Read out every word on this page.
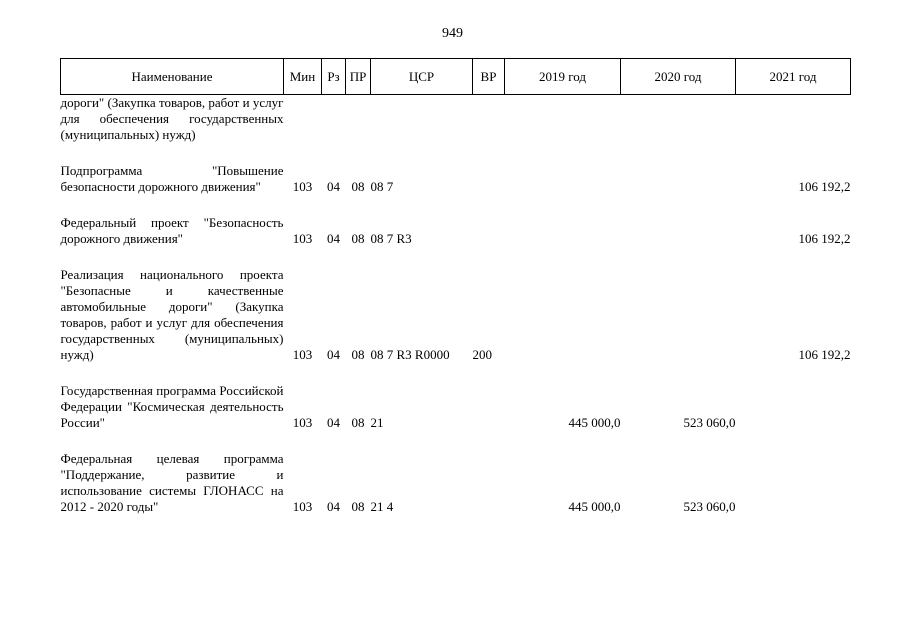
949
Наименование	Мин	Рз	ПР	ЦСР	ВР	2019 год	2020 год	2021 год
дороги" (Закупка товаров, работ и услуг для обеспечения государственных (муниципальных) нужд)								
Подпрограмма "Повышение безопасности дорожного движения"	103	04	08	08 7				106 192,2
Федеральный проект "Безопасность дорожного движения"	103	04	08	08 7 R3				106 192,2
Реализация национального проекта "Безопасные и качественные автомобильные дороги" (Закупка товаров, работ и услуг для обеспечения государственных (муниципальных) нужд)	103	04	08	08 7 R3 R0000	200			106 192,2
Государственная программа Российской Федерации "Космическая деятельность России"	103	04	08	21		445 000,0	523 060,0	
Федеральная целевая программа "Поддержание, развитие и использование системы ГЛОНАСС на 2012 - 2020 годы"	103	04	08	21 4		445 000,0	523 060,0	
